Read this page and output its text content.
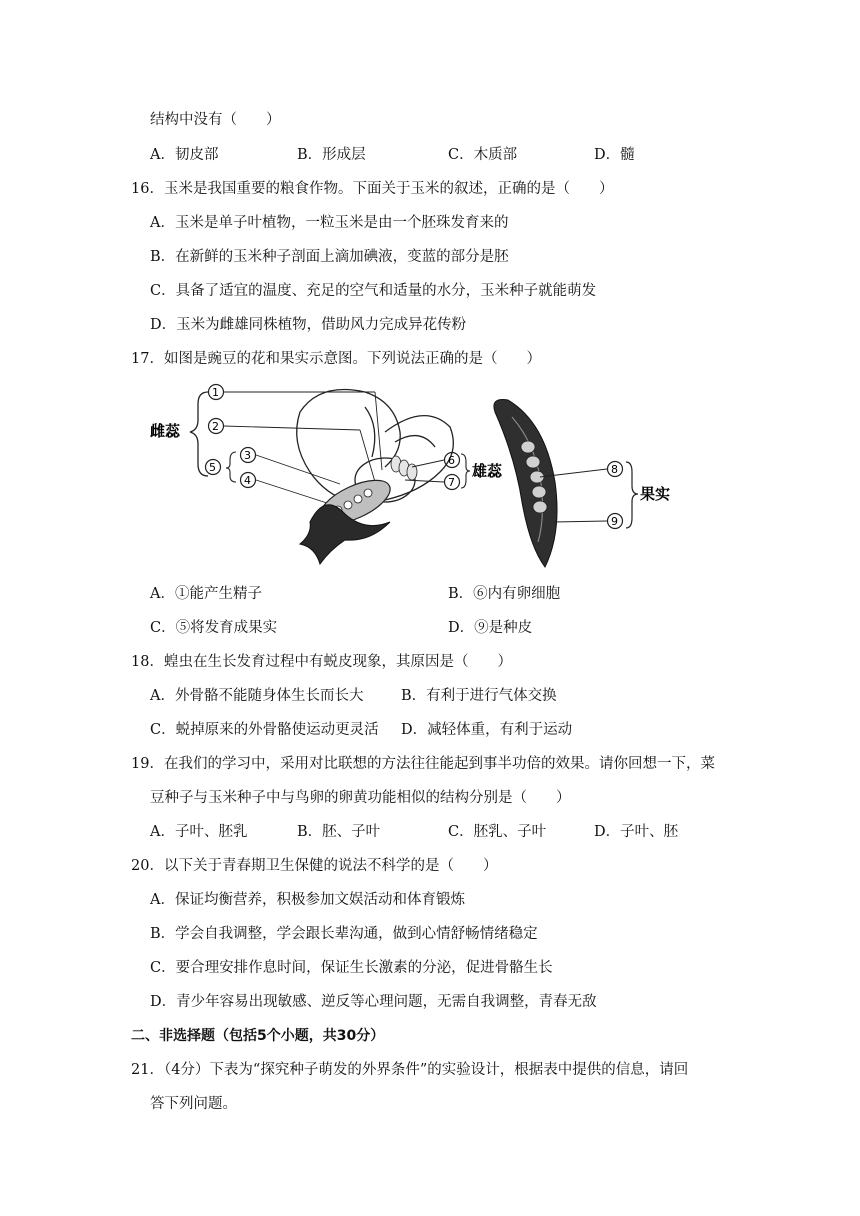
结构中没有（　　）
A．韧皮部	B．形成层	C．木质部	D．髓
16．玉米是我国重要的粮食作物。下面关于玉米的叙述，正确的是（　　）
A．玉米是单子叶植物，一粒玉米是由一个胚珠发育来的
B．在新鲜的玉米种子剖面上滴加碘液，变蓝的部分是胚
C．具备了适宜的温度、充足的空气和适量的水分，玉米种子就能萌发
D．玉米为雌雄同株植物，借助风力完成异花传粉
17．如图是豌豆的花和果实示意图。下列说法正确的是（　　）
雌蕊
1
2
5
3
4
6
7
雄蕊	8
9
果实
A．①能产生精子	B．⑥内有卵细胞
C．⑤将发育成果实	D．⑨是种皮
18．蝗虫在生长发育过程中有蜕皮现象，其原因是（　　）
A．外骨骼不能随身体生长而长大	B．有利于进行气体交换
C．蜕掉原来的外骨骼使运动更灵活 D．减轻体重，有利于运动
19．在我们的学习中，采用对比联想的方法往往能起到事半功倍的效果。请你回想一下，菜
豆种子与玉米种子中与鸟卵的卵黄功能相似的结构分别是（　　）
A．子叶、胚乳	B．胚、子叶	C．胚乳、子叶	D．子叶、胚
20．以下关于青春期卫生保健的说法不科学的是（　　）
A．保证均衡营养，积极参加文娱活动和体育锻炼
B．学会自我调整，学会跟长辈沟通，做到心情舒畅情绪稳定
C．要合理安排作息时间，保证生长激素的分泌，促进骨骼生长
D．青少年容易出现敏感、逆反等心理问题，无需自我调整，青春无敌
二、非选择题（包括5个小题，共30分）
21．（4分）下表为“探究种子萌发的外界条件”的实验设计，根据表中提供的信息，请回
答下列问题。
